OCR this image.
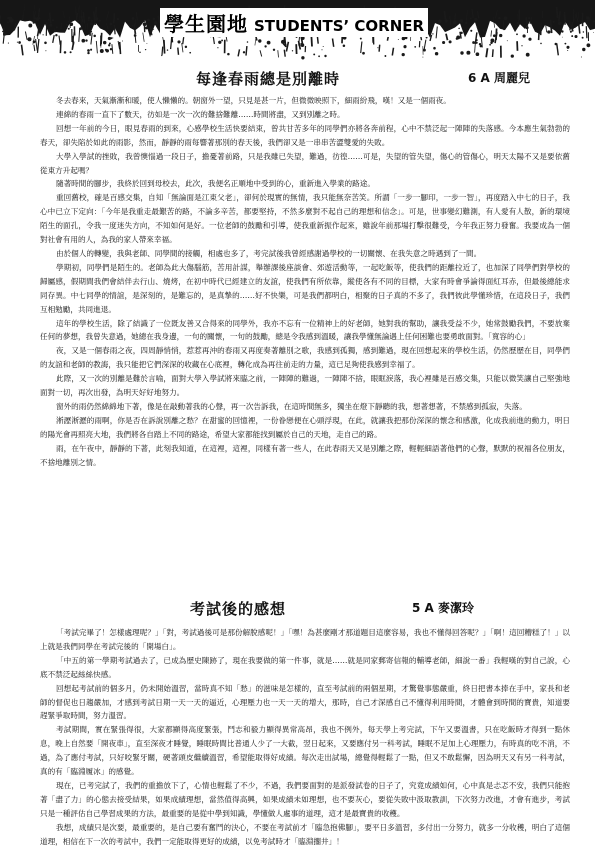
學生園地 STUDENTS’ CORNER
每逢春雨總是別離時	6 A 周麗兒

冬去春來，天氣漸漸和暖，使人懶懶的。朝窗外一望，只見是甚一片，但微微映照下，細雨紛飛，嘆！又是一個雨夜。

連綿的春雨一直下了數天，彷如是一次一次的難捨難離……時間將盡，又到別離之時。

回想一年前的今日，眼見春雨的到來，心感學校生活快要結束，曾共甘苦多年的同學們亦將各奔前程，心中不禁泛起一陣陣的失落感。今本應生氣勃勃的春天，卻失陷於如此的雨影，然而，靜靜的雨每響著那別的春天後，我們卻又是一串串苦澀雙愛的失敗。

大學入學試的挫敗，我曾懊惱過一段日子，擔憂著前路，只是我雖已失望，難過，彷徨……可是，失望的管失望，傷心的管傷心，明天太陽不又是要依舊從東方升起嗎？

隨著時間的腳步，我終於回到母校去，此次，我便名正順地中受到的心，重新進入學業的路途。

重回舊校，確是百感交集，自知「無論面是江東父老」，卻何於現實的無情，我只能無奈苦笑。所謂「一步一腳印，一步一智」，再度踏入中七的日子，我心中已立下定向：「今年是我重走最艱苦的路，不論多辛苦，都要堅持，不然多麼對不起自己的理想和信念」。可是，世事變幻難測，有人愛有人散，新的環境陌生的面孔，令我一度迷失方向，不知如何是好。一位老師的鼓勵和引導，使我重新振作起來，雖說年前那場打擊很難受，今年我正努力發奮。我要成為一個對社會有用的人，為我的家人帶來幸福。

由於個人的轉變，我與老師、同學間的接觸，相處也多了，考完試後我曾經感謝過學校的一切關懷、在我失意之時遇到了一間。

學期初，同學們是陌生的。老師為此大傷腦筋，苦用計謀，舉辦課後座談會、郊遊活動等，一起吃飯等，使我們的距離拉近了，也加深了同學們對學校的歸屬感，假期間我們會結伴去行山、燒烤，在初中時代已經建立的友誼，使我們有所依靠，縱使各有不同的目標，大家有時會爭論得面紅耳赤，但最後總能求同存異。中七同學的情誼，是深刻的，是難忘的，是真摯的……好不快樂，可是我們都明白，相聚的日子真的不多了，我們彼此學懂珍惜，在這段日子，我們互相勉勵，共同進退。

這年的學校生活，除了結識了一位既友善又合得來的同學外，我亦不忘有一位精神上的好老師，她對我的幫助，讓我受益不少，她常鼓勵我們，不要放棄任何的夢想，我曾失意過，她總在我身邊，一句的關懷，一句的鼓勵，總是令我感到溫暖，讓我學懂無論遇上任何困難也要勇敢面對。「寬容的心」

夜，又是一個春雨之夜，四周靜悄悄，惹惹再沖的春雨又再度奏著離別之歌，我感到孤獨，感到難過，現在回想起來的學校生活，仍然歷歷在目，同學們的友誼和老師的教誨，我只能把它們深深的收藏在心底裡，轉化成為再往前走的力量，這已足夠使我感到幸福了。

此際，又一次的別離是難於言喻，面對大學入學試將來臨之前，一陣陣的難過，一陣陣不捨，眼眶淚落，我心裡雖是百感交集，只能以微笑讓自己堅強地面對一切，再次出發，為明天好好地努力。

窗外的雨仍然綿綿地下著，像是在敲動著我的心聲，再一次告訴我，在這時間無多，獨坐在燈下靜聽的我，想著想著，不禁感到孤寂，失落。

淅瀝淅瀝的雨啊，你是否在訴說別離之愁？在甜蜜的回憶裡，一份眷戀便在心頭浮現，在此，就讓我把那份深深的懷念和感激，化成我前進的動力，明日的陽光會再照亮大地，我們將各自踏上不同的路途，希望大家都能找到屬於自己的天地，走自己的路。

雨，在午夜中，靜靜的下著，此刻我知道，在這裡，這裡，同樣有著一些人，在此春雨天又是別離之際，輕輕細語著他們的心聲，默默的祝福各位朋友，不捨地離別之情。

考試後的感想	5 A 麥潔玲

「考試完畢了！怎樣處理呢？」「對，考試過後可是那份解脫感呢！」「嘿！為甚麼剛才那道題目這麼容易，我也不懂得回答呢？」「啊！這回糟糕了！」以上就是我們同學在考試完後的「開場白」。

「中五的第一學期考試過去了，已成為歷史陳跡了，現在我要做的第一件事，就是……就是同家郵寄信報的輔導老師，細說一番」我輕嘆的對自己說，心底不禁泛起絲絲快感。

回想起考試前的個多月，仍未開始溫習，當時真不知「愁」的滋味是怎樣的，直至考試前的兩個星期，才驚覺事態嚴重，終日把書本捧在手中，家長和老師的督促也日趨嚴加，才感到考試日期一天一天的逼近，心理壓力也一天一天的增大，那時，自己才深感自己不懂得利用時間，才體會到時間的寶貴，知道要趕緊爭取時間，努力溫習。

考試期間，實在緊張得很，大家都顯得高度緊張，鬥志和毅力顯得異常高昂，我也不例外，每天學上考完試，下午又要溫書，只在吃飯時才得到一點休息，晚上自然要「開夜車」，直至深夜才睡覺，睡眠時間比普通人少了一大截，翌日起來，又要應付另一科考試，睡眠不足加上心理壓力，有時真的吃不消，不過，為了應付考試，只好咬緊牙關，硬著頭皮繼續溫習，希望能取得好成績。每次走出試場，總覺得輕鬆了一點，但又不敢鬆懈，因為明天又有另一科考試，真的有「臨淵履冰」的感覺。

現在，已考完試了，我們的重擔放下了，心情也輕鬆了不少，不過，我們要面對的是派發試卷的日子了，究竟成績如何，心中真是忐忑不安，我們只能抱著「盡了力」的心態去接受結果，如果成績理想，當然值得高興，如果成績未如理想，也不要灰心，要從失敗中汲取教訓，下次努力改進，才會有進步，考試只是一種評估自己學習成果的方法，最重要的是從中學到知識，學懂做人處事的道理，這才是最寶貴的收穫。

我想，成績只是次要，最重要的，是自己要有奮鬥的決心，不要在考試前才「臨急抱佛腳」，要平日多溫習，多付出一分努力，就多一分收穫，明白了這個道理，相信在下一次的考試中，我們一定能取得更好的成績，以免考試時才「臨淵擱井」！
